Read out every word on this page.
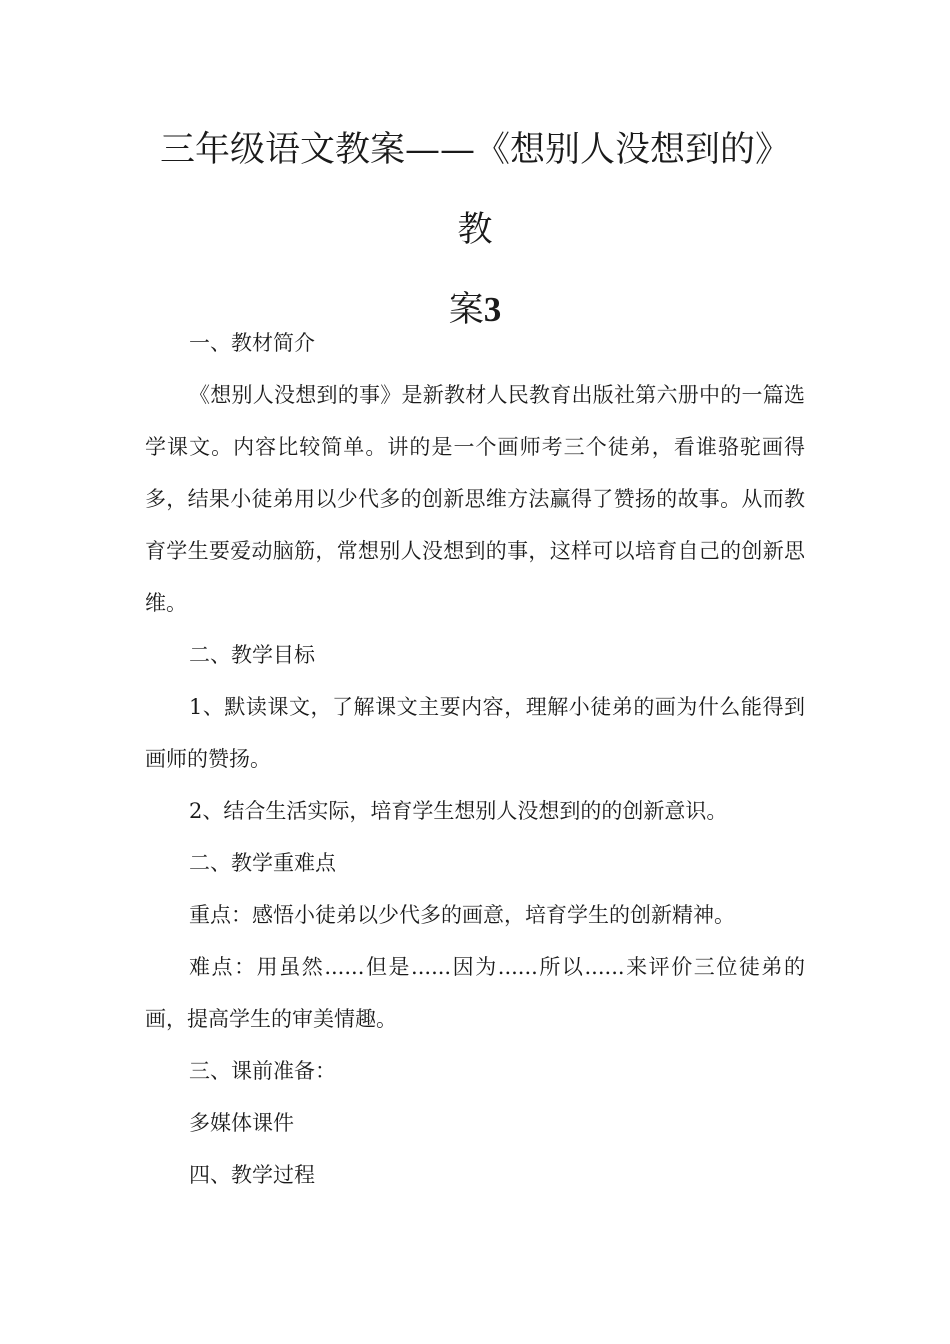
三年级语文教案——《想别人没想到的》教
案3

一、教材简介

《想别人没想到的事》是新教材人民教育出版社第六册中的一篇选学课文。内容比较简单。讲的是一个画师考三个徒弟，看谁骆驼画得多，结果小徒弟用以少代多的创新思维方法赢得了赞扬的故事。从而教育学生要爱动脑筋，常想别人没想到的事，这样可以培育自己的创新思维。

二、教学目标

1、默读课文，了解课文主要内容，理解小徒弟的画为什么能得到画师的赞扬。

2、结合生活实际，培育学生想别人没想到的的创新意识。

二、教学重难点

重点：感悟小徒弟以少代多的画意，培育学生的创新精神。

难点：用虽然......但是......因为......所以......来评价三位徒弟的画，提高学生的审美情趣。

三、课前准备：

多媒体课件

四、教学过程
